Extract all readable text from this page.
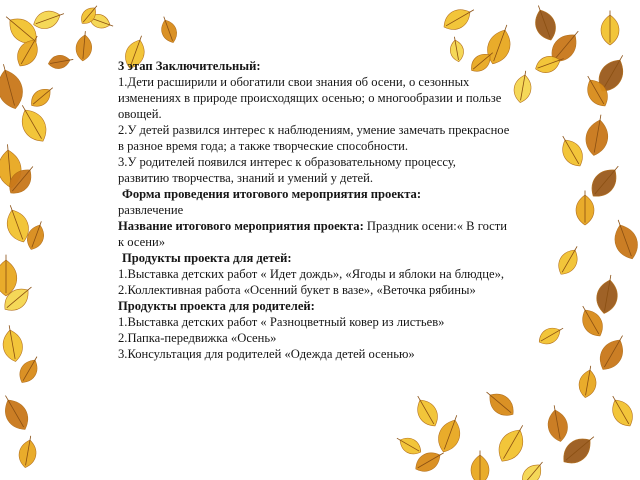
3 этап Заключительный:

1.Дети расширили и обогатили свои знания об осени, о сезонных изменениях в природе происходящих осенью; о многообразии и пользе овощей.

2.У детей развился интерес к наблюдениям, умение замечать прекрасное в разное время года; а также творческие способности.

3.У родителей появился интерес к образовательному процессу, развитию творчества, знаний и умений у детей.

Форма проведения итогового мероприятия проекта:

развлечение

Название итогового мероприятия проекта: Праздник осени:« В гости к осени»

Продукты проекта для детей:

1.Выставка детских работ « Идет дождь», «Ягоды и яблоки на блюдце»,

2.Коллективная работа «Осенний букет в вазе», «Веточка рябины»

Продукты проекта для родителей:

1.Выставка детских работ « Разноцветный ковер из листьев»

2.Папка-передвижка «Осень»

3.Консультация для родителей «Одежда детей осенью»
